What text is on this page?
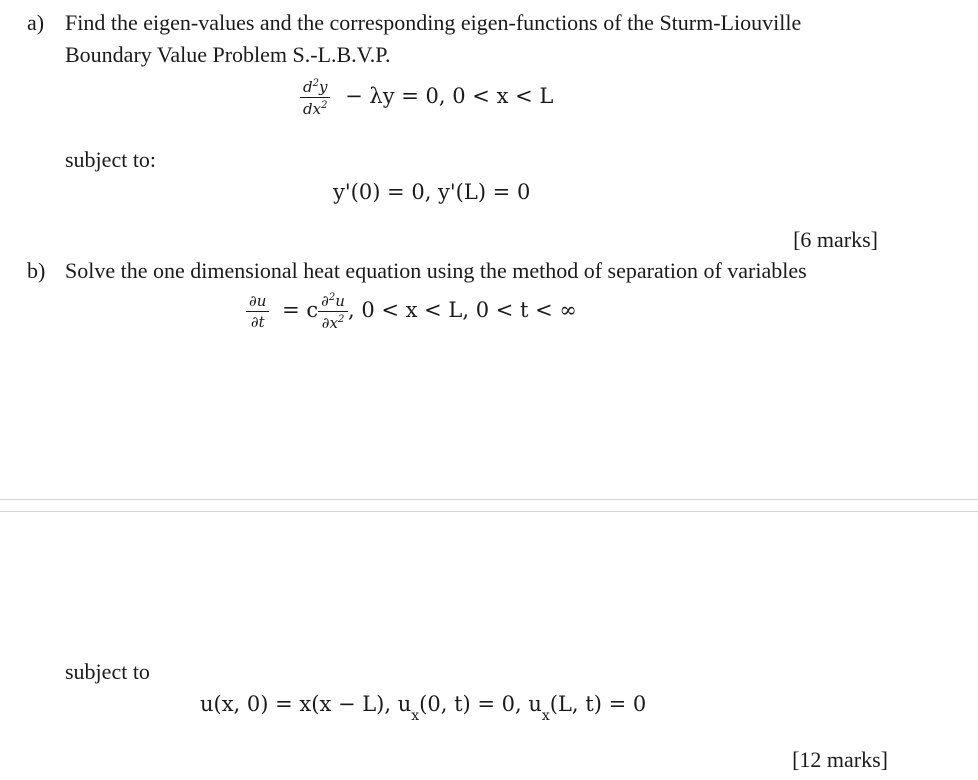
a) Find the eigen-values and the corresponding eigen-functions of the Sturm-Liouville
Boundary Value Problem S.-L.B.V.P.
$\frac{d^2y}{dx^2} - \lambda y = 0$, 0 < x < L
subject to:
y'(0) = 0, y'(L) = 0
[6 marks]
b) Solve the one dimensional heat equation using the method of separation of variables
$\frac{\partial u}{\partial t} = c \frac{\partial^2u}{\partial x^2}$ , 0 < x < L, 0 < t < ∞
subject to
u(x, 0) = x(x − L), $u_x(0$, t) = 0, $u_x(L$, t) = 0
[12 marks]
